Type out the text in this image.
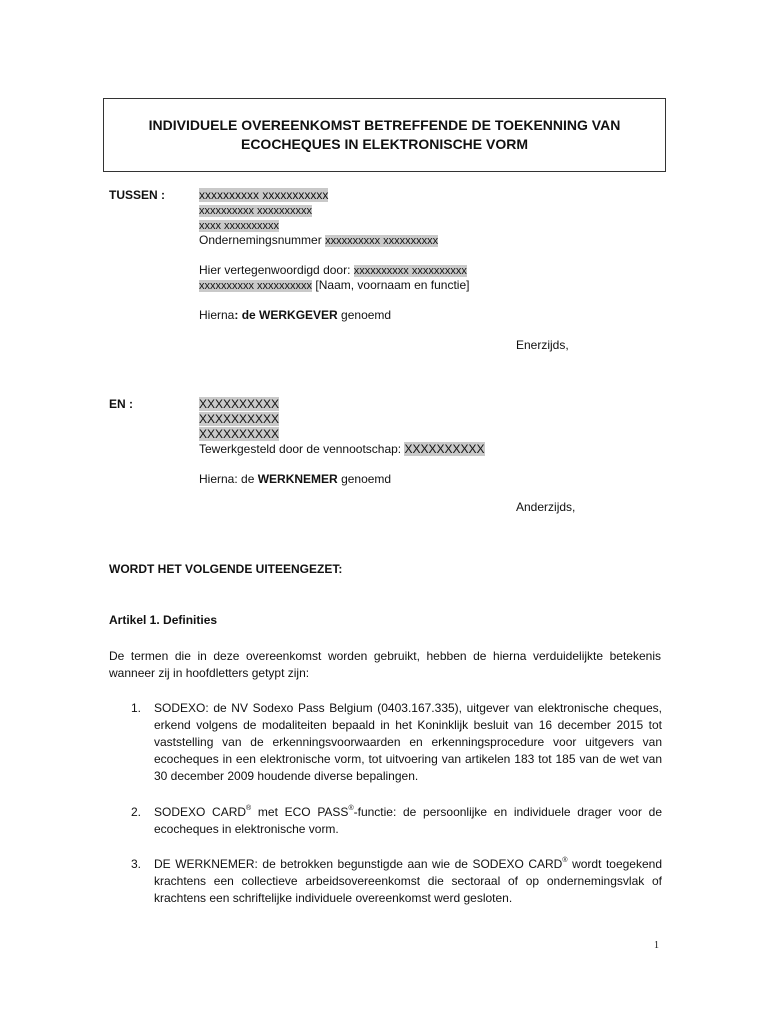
INDIVIDUELE OVEREENKOMST BETREFFENDE DE TOEKENNING VAN
ECOCHEQUES IN ELEKTRONISCHE VORM
TUSSEN :	xxxxxxxxxx xxxxxxxxxxx
xxxxxxxxxx xxxxxxxxxx
xxxx xxxxxxxxxx
Ondernemingsnummer xxxxxxxxxx xxxxxxxxxx
Hier vertegenwoordigd door: xxxxxxxxxx xxxxxxxxxx
xxxxxxxxxx xxxxxxxxxx [Naam, voornaam en functie]
Hierna: de WERKGEVER genoemd
Enerzijds,
EN :	XXXXXXXXXX
XXXXXXXXXX
XXXXXXXXXX
Tewerkgesteld door de vennootschap: XXXXXXXXXX
Hierna: de WERKNEMER genoemd
Anderzijds,
WORDT HET VOLGENDE UITEENGEZET:
Artikel 1. Definities
De termen die in deze overeenkomst worden gebruikt, hebben de hierna verduidelijkte betekenis wanneer zij in hoofdletters getypt zijn:
1. SODEXO: de NV Sodexo Pass Belgium (0403.167.335), uitgever van elektronische cheques, erkend volgens de modaliteiten bepaald in het Koninklijk besluit van 16 december 2015 tot vaststelling van de erkenningsvoorwaarden en erkenningsprocedure voor uitgevers van ecocheques in een elektronische vorm, tot uitvoering van artikelen 183 tot 185 van de wet van 30 december 2009 houdende diverse bepalingen.
2. SODEXO CARD® met ECO PASS®-functie: de persoonlijke en individuele drager voor de ecocheques in elektronische vorm.
3. DE WERKNEMER: de betrokken begunstigde aan wie de SODEXO CARD® wordt toegekend krachtens een collectieve arbeidsovereenkomst die sectoraal of op ondernemingsvlak of krachtens een schriftelijke individuele overeenkomst werd gesloten.
1
